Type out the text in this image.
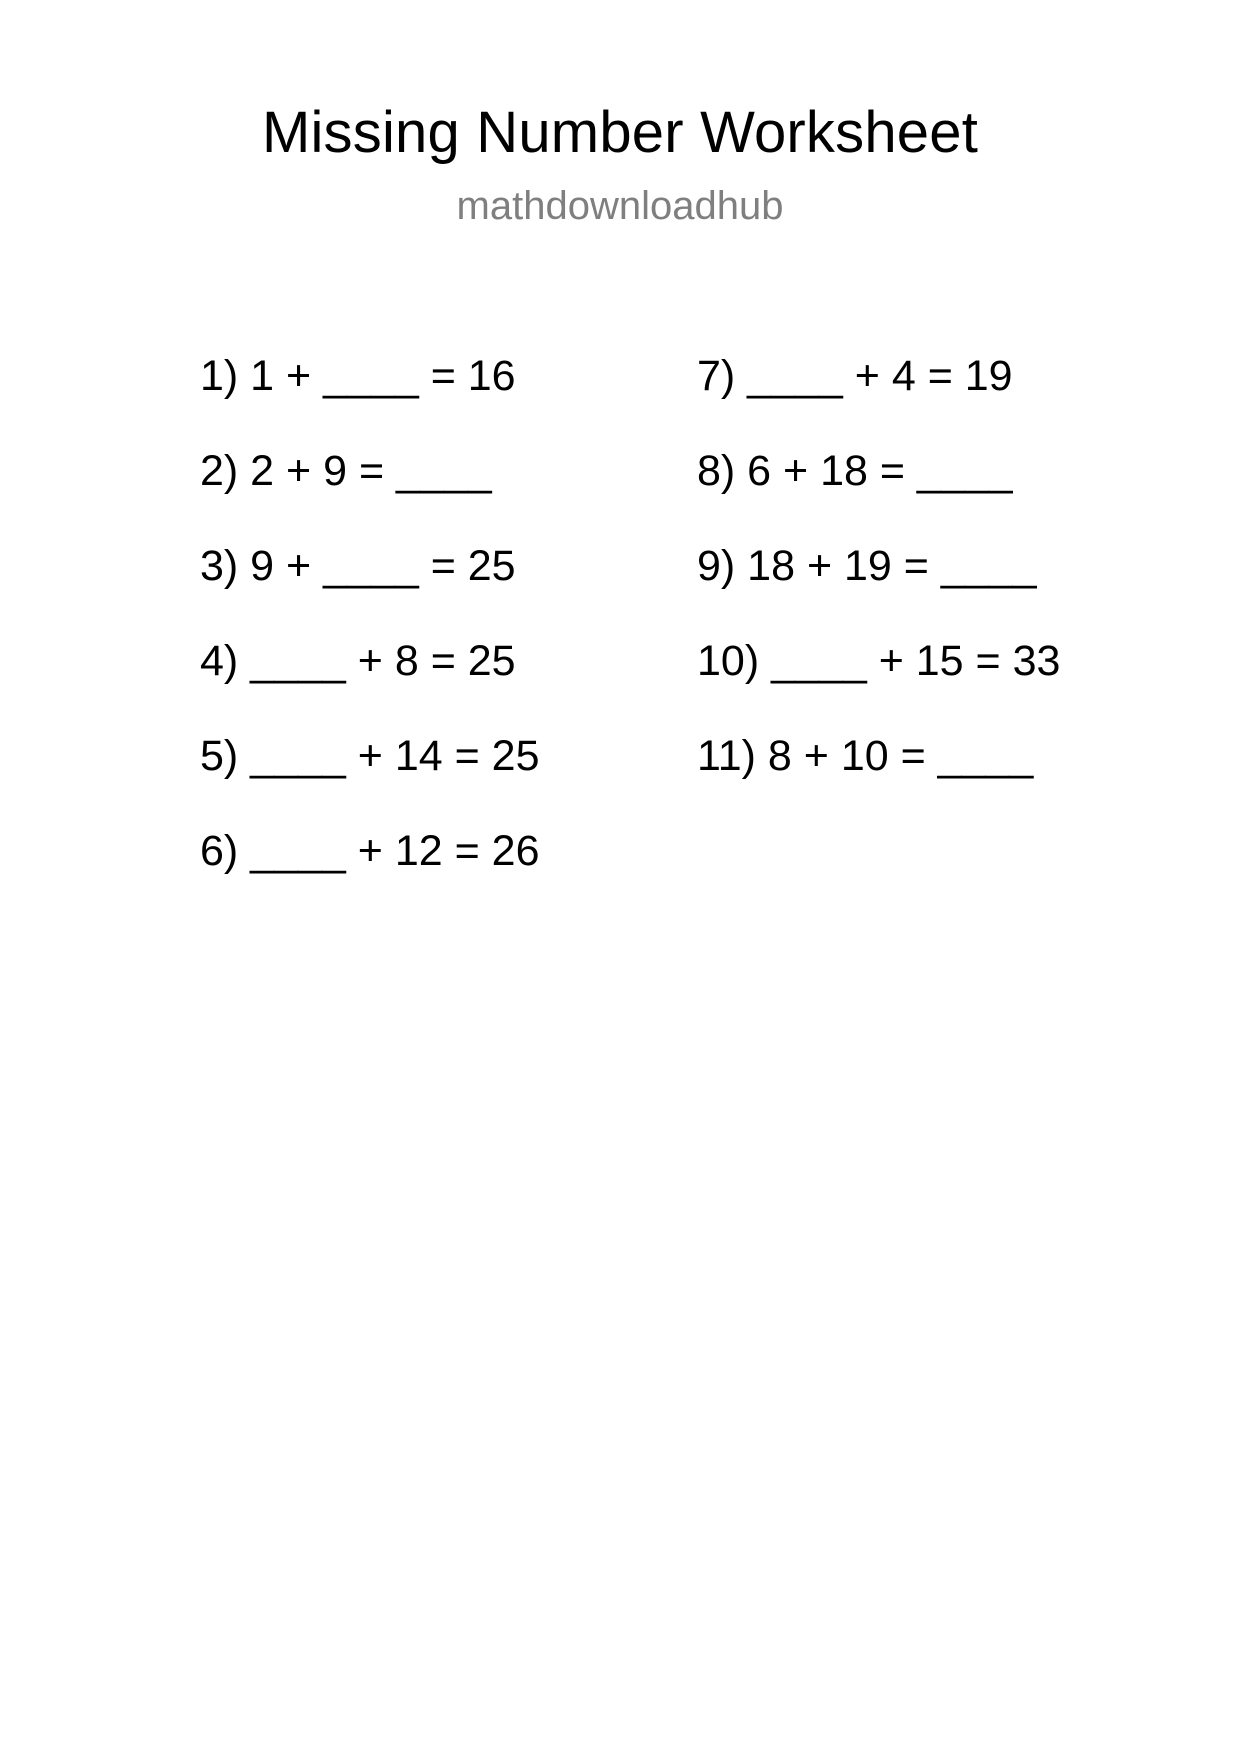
Missing Number Worksheet
mathdownloadhub
1) 1 + ____ = 16
2) 2 + 9 = ____
3) 9 + ____ = 25
4) ____ + 8 = 25
5) ____ + 14 = 25
6) ____ + 12 = 26
7) ____ + 4 = 19
8) 6 + 18 = ____
9) 18 + 19 = ____
10) ____ + 15 = 33
11) 8 + 10 = ____
